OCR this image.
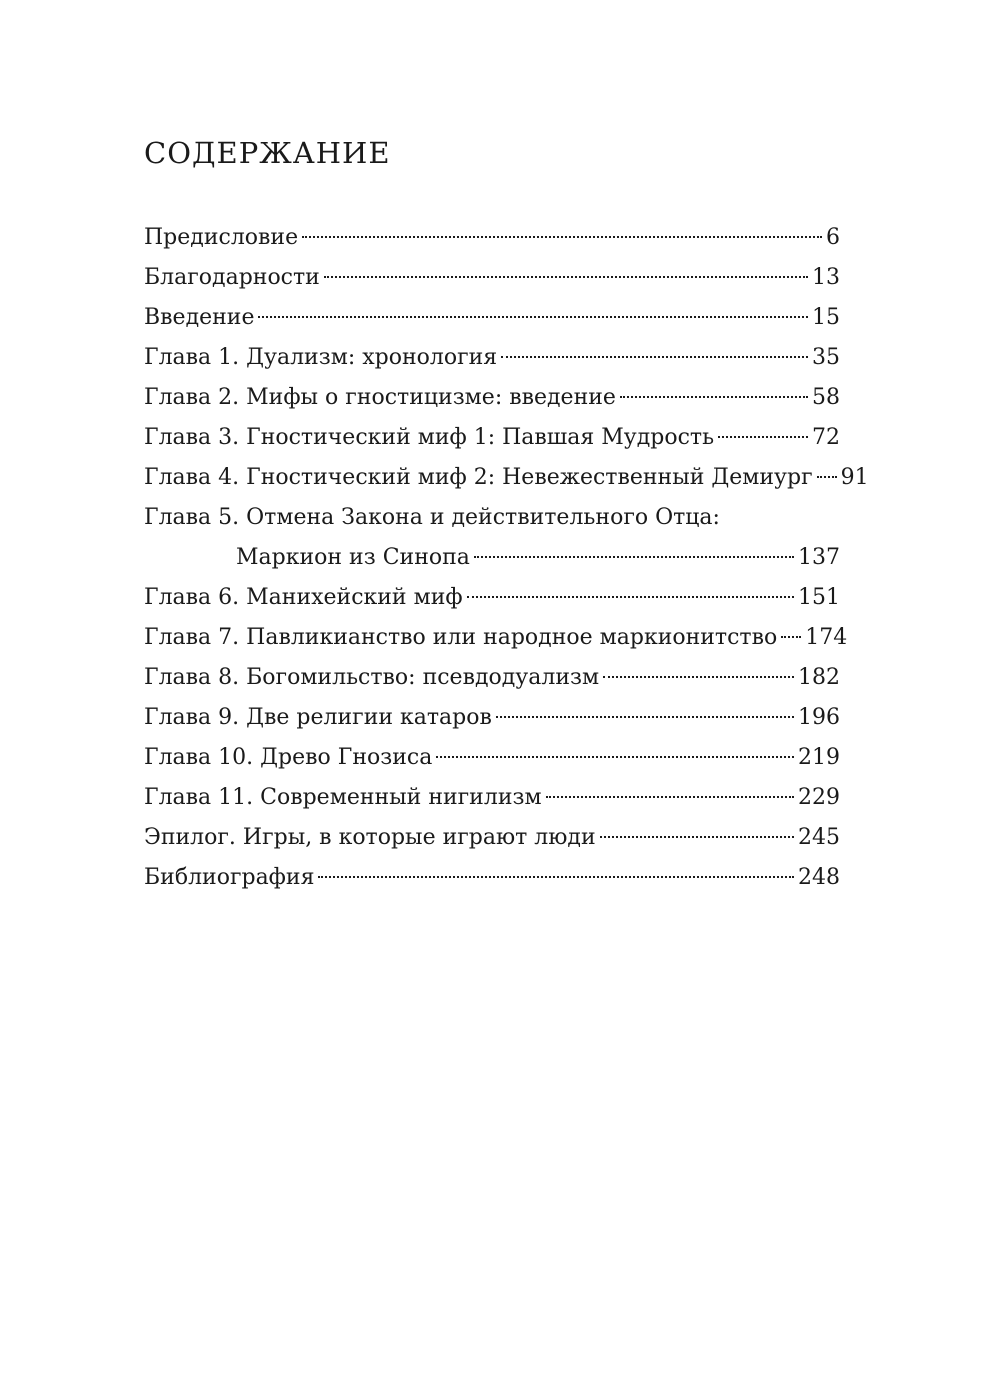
СОДЕРЖАНИЕ
Предисловие	6
Благодарности	13
Введение	15
Глава 1. Дуализм: хронология	35
Глава 2. Мифы о гностицизме: введение	58
Глава 3. Гностический миф 1: Павшая Мудрость	72
Глава 4. Гностический миф 2: Невежественный Демиург 91
Глава 5. Отмена Закона и действительного Отца:
Маркион из Синопа	137
Глава 6. Манихейский миф	151
Глава 7. Павликианство или народное маркионитство 174
Глава 8. Богомильство: псевдодуализм	182
Глава 9. Две религии катаров	196
Глава 10. Древо Гнозиса	219
Глава 11. Современный нигилизм	229
Эпилог. Игры, в которые играют люди	245
Библиография	248
